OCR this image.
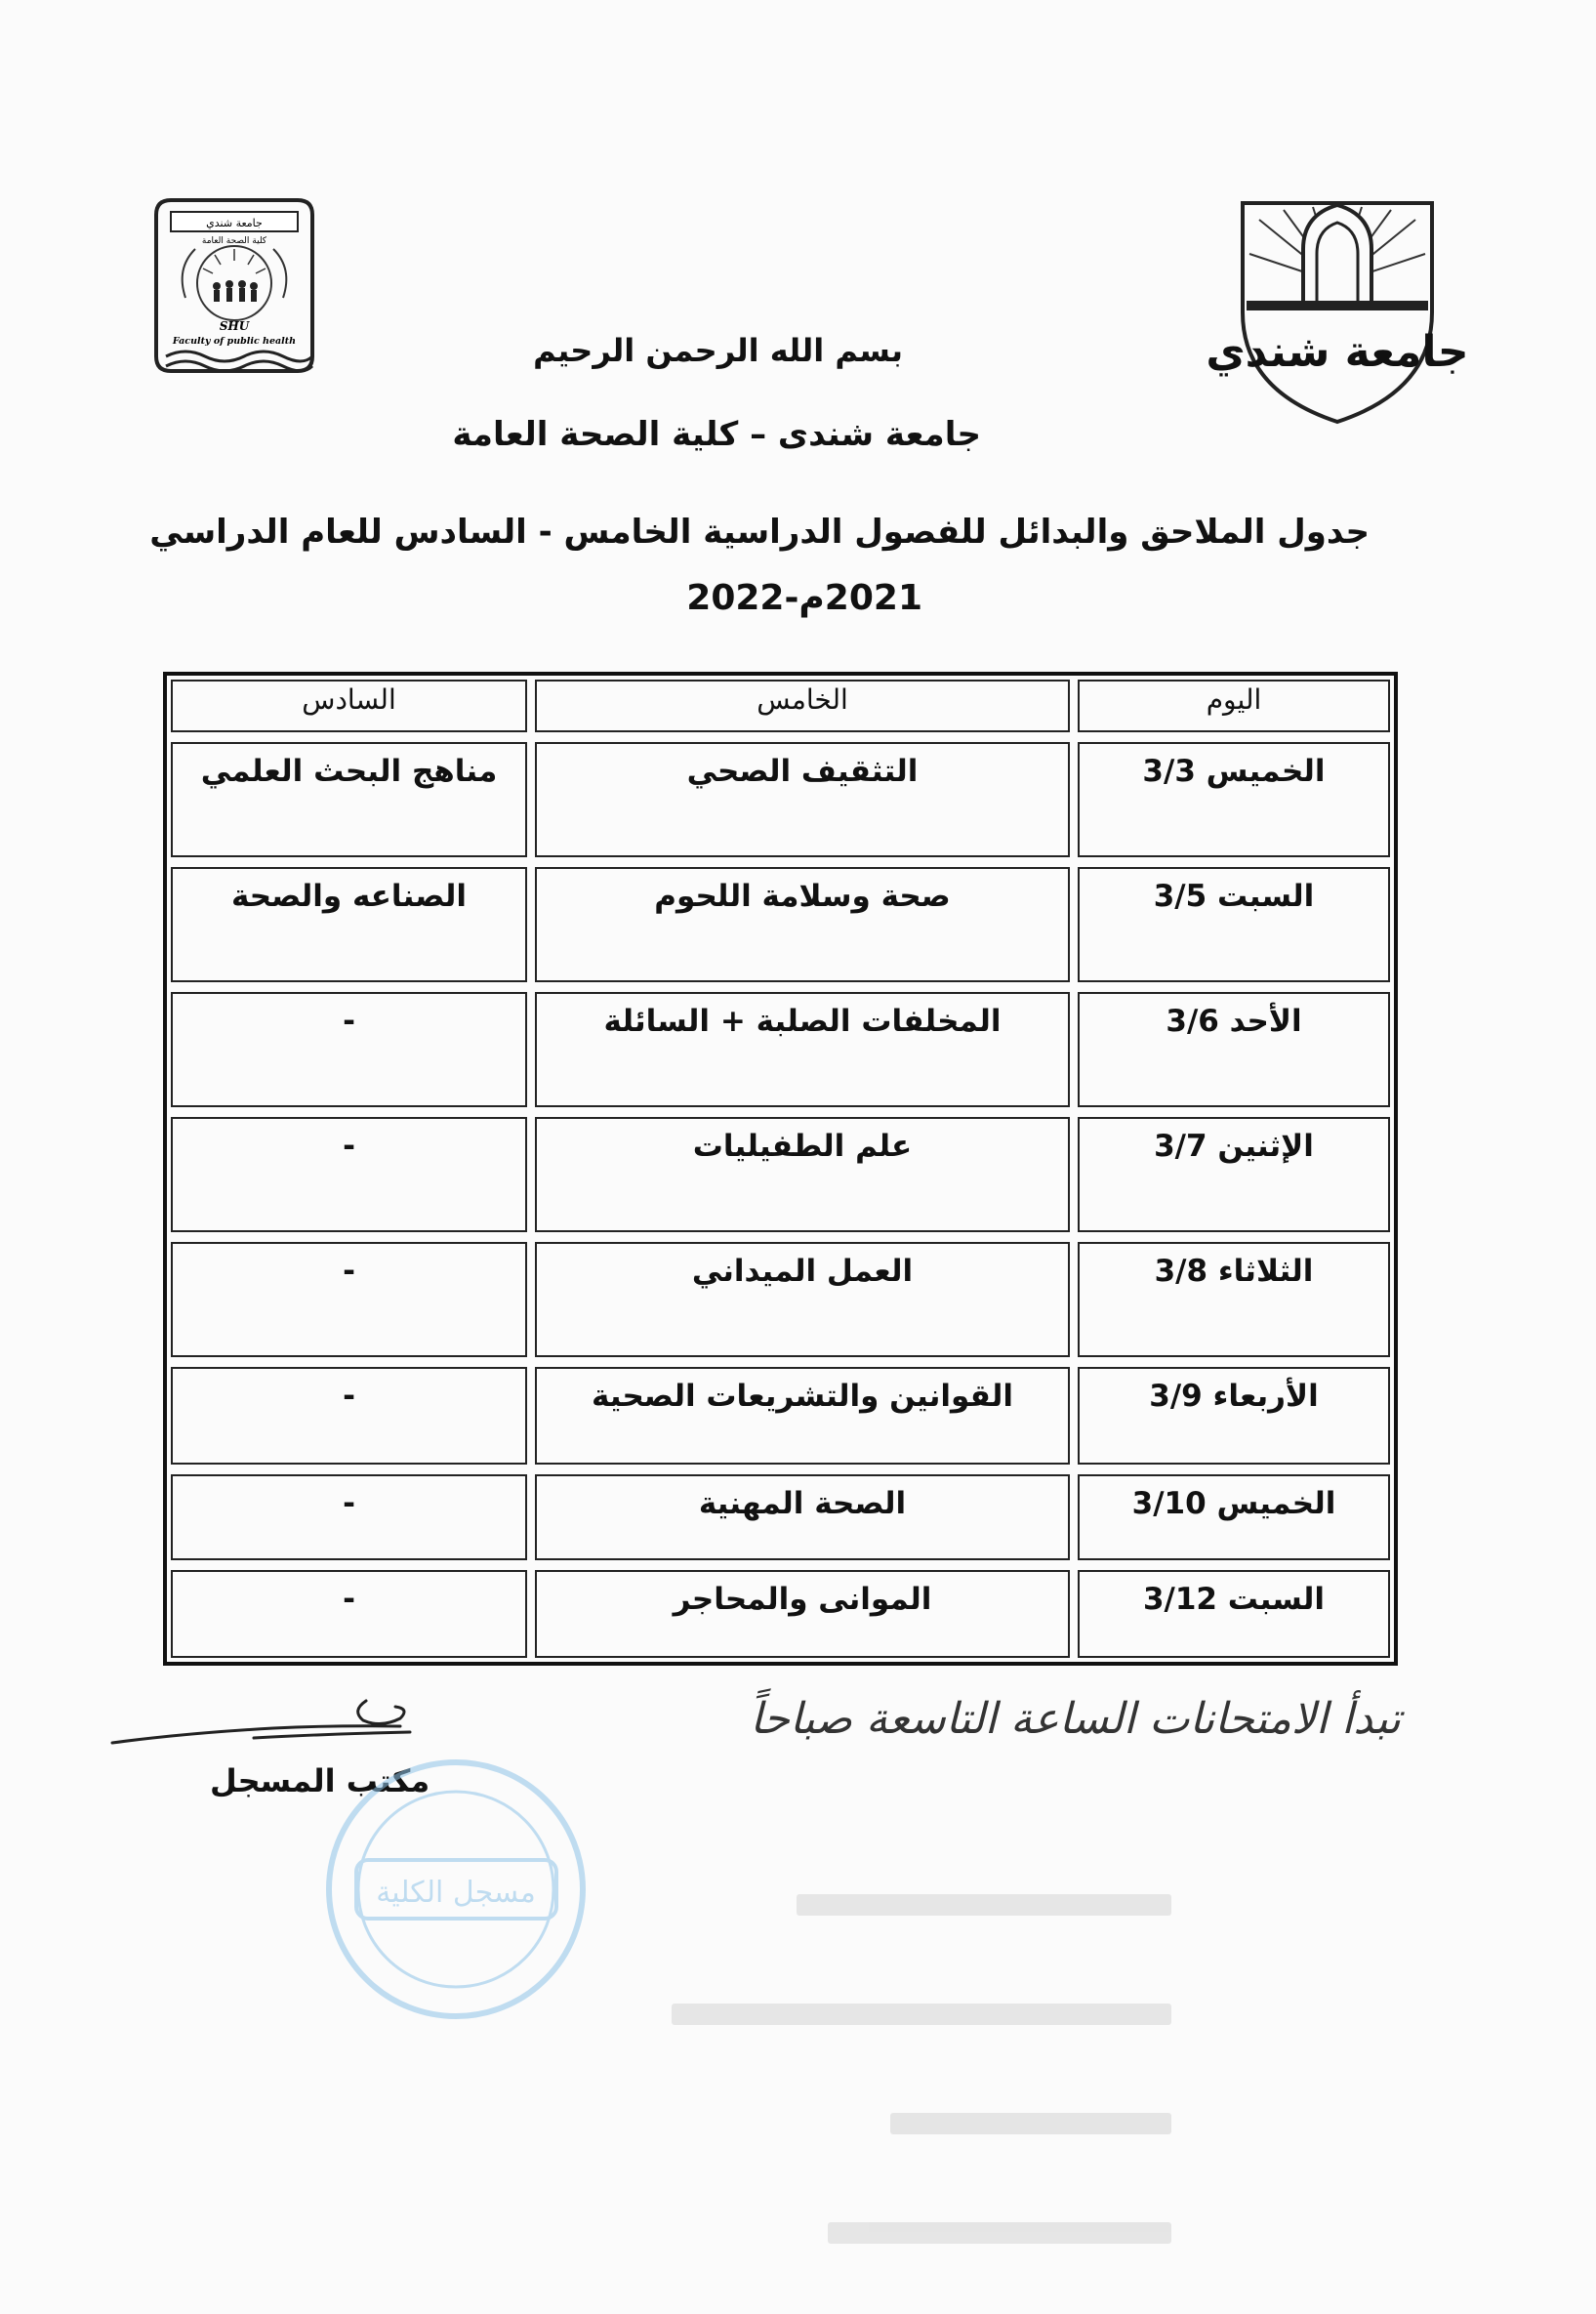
جامعة شندي
كلية الصحة العامة
SHU
Faculty of public health	جامعة شندي
بسم الله الرحمن الرحيم
جامعة شندى – كلية الصحة العامة
جدول الملاحق والبدائل للفصول الدراسية الخامس - السادس للعام الدراسي
2021م-2022
اليوم
الخامس
السادس
الخميس 3/3
التثقيف الصحي
مناهج البحث العلمي
السبت 3/5
صحة وسلامة اللحوم
الصناعه والصحة
الأحد 3/6
المخلفات الصلبة + السائلة
-
الإثنين 3/7
علم الطفيليات
-
الثلاثاء 3/8
العمل الميداني
-
الأربعاء 3/9
القوانين والتشريعات الصحية
-
الخميس 3/10
الصحة المهنية
-
السبت 3/12
الموانى والمحاجر
-
تبدأ الامتحانات الساعة التاسعة صباحاً
مكتب المسجل
مسجل الكلية
